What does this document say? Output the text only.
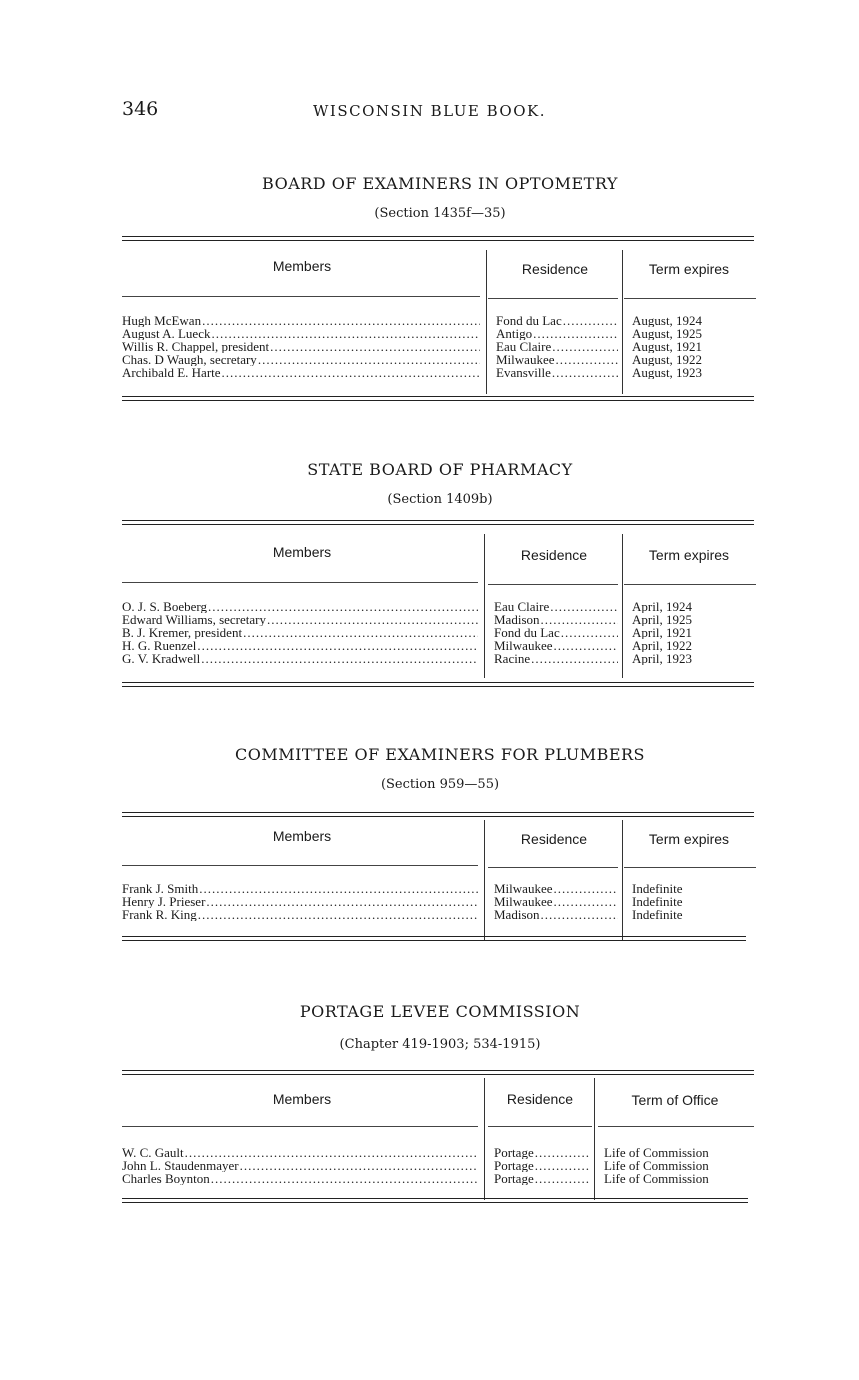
346	WISCONSIN BLUE BOOK.
BOARD OF EXAMINERS IN OPTOMETRY
(Section 1435f—35)
Members	Residence	Term expires
Hugh McEwan .....	Fond du Lac .....	August, 1924
August A. Lueck .....	Antigo .....	August, 1925
Willis R. Chappel, president .....	Eau Claire .....	August, 1921
Chas. D Waugh, secretary .....	Milwaukee .....	August, 1922
Archibald E. Harte .....	Evansville .....	August, 1923
STATE BOARD OF PHARMACY
(Section 1409b)
Members	Residence	Term expires
O. J. S. Boeberg .....	Eau Claire .....	April, 1924
Edward Williams, secretary .....	Madison .....	April, 1925
B. J. Kremer, president .....	Fond du Lac .....	April, 1921
H. G. Ruenzel .....	Milwaukee .....	April, 1922
G. V. Kradwell .....	Racine .....	April, 1923
COMMITTEE OF EXAMINERS FOR PLUMBERS
(Section 959—55)
Members	Residence	Term expires
Frank J. Smith .....	Milwaukee .....	Indefinite
Henry J. Prieser .....	Milwaukee .....	Indefinite
Frank R. King .....	Madison .....	Indefinite
PORTAGE LEVEE COMMISSION
(Chapter 419-1903; 534-1915)
Members	Residence	Term of Office
W. C. Gault .....	Portage .....	Life of Commission
John L. Staudenmayer .....	Portage .....	Life of Commission
Charles Boynton .....	Portage .....	Life of Commission
